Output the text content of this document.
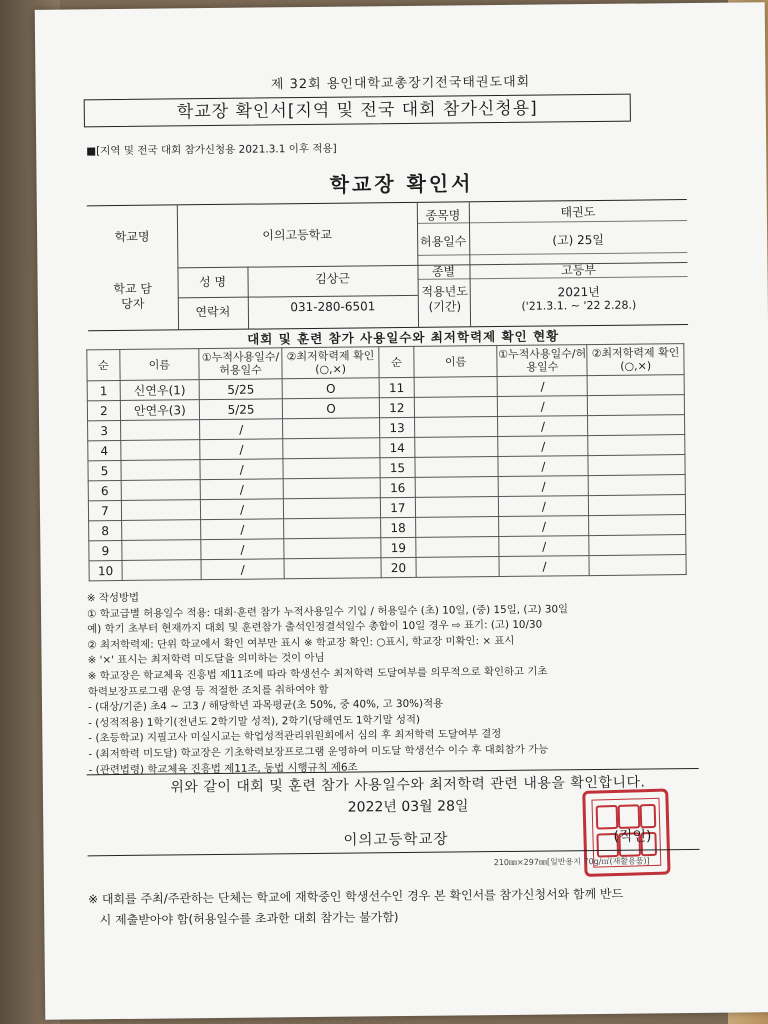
제 32회 용인대학교총장기전국태권도대회
학교장 확인서[지역 및 전국 대회 참가신청용]
■[지역 및 전국 대회 참가신청용 2021.3.1 이후 적용]
학교장 확인서
학교명	이의고등학교
종목명	태권도
허용일수	(고) 25일
학교 담당자
성 명	김상근	종별	고등부
연락처	031-280-6501
적용년도 (기간)
2021년
('21.3.1. ~ '22 2.28.)
대회 및 훈련 참가 사용일수와 최저학력제 확인 현황
순	이름	①누적사용일수/허용일수	②최저학력제 확인(○,×)	순	이름	①누적사용일수/허용일수	②최저학력제 확인(○,×)
1	신연우(1)	5/25	O	11		/	
2	안연우(3)	5/25	O	12		/	
3		/		13		/	
4		/		14		/	
5		/		15		/	
6		/		16		/	
7		/		17		/	
8		/		18		/	
9		/		19		/	
10		/		20		/	
※ 작성방법
① 학교급별 허용일수 적용: 대회·훈련 참가 누적사용일수 기입 / 허용일수 (초) 10일, (중) 15일, (고) 30일
예) 학기 초부터 현재까지 대회 및 훈련참가 출석인정결석일수 총합이 10일 경우 ⇨ 표기: (고) 10/30
② 최저학력제: 단위 학교에서 확인 여부만 표시 ※ 학교장 확인: ○표시, 학교장 미확인: × 표시
※ '×' 표시는 최저학력 미도달을 의미하는 것이 아님
※ 학교장은 학교체육 진흥법 제11조에 따라 학생선수 최저학력 도달여부를 의무적으로 확인하고 기초
학력보장프로그램 운영 등 적절한 조치를 취하여야 함
- (대상/기준) 초4 ~ 고3 / 해당학년 과목평균(초 50%, 중 40%, 고 30%)적용
- (성적적용) 1학기(전년도 2학기말 성적), 2학기(당해연도 1학기말 성적)
- (초등학교) 지필고사 미실시교는 학업성적관리위원회에서 심의 후 최저학력 도달여부 결정
- (최저학력 미도달) 학교장은 기초학력보장프로그램 운영하여 미도달 학생선수 이수 후 대회참가 가능
- (관련법령) 학교체육 진흥법 제11조, 동법 시행규칙 제6조
위와 같이 대회 및 훈련 참가 사용일수와 최저학력 관련 내용을 확인합니다.
2022년 03월 28일
이의고등학교장	(직인)
210㎜×297㎜[일반용지 70g/㎡(재활용품)]
※ 대회를 주최/주관하는 단체는 학교에 재학중인 학생선수인 경우 본 확인서를 참가신청서와 함께 반드
시 제출받아야 함(허용일수를 초과한 대회 참가는 불가함)
